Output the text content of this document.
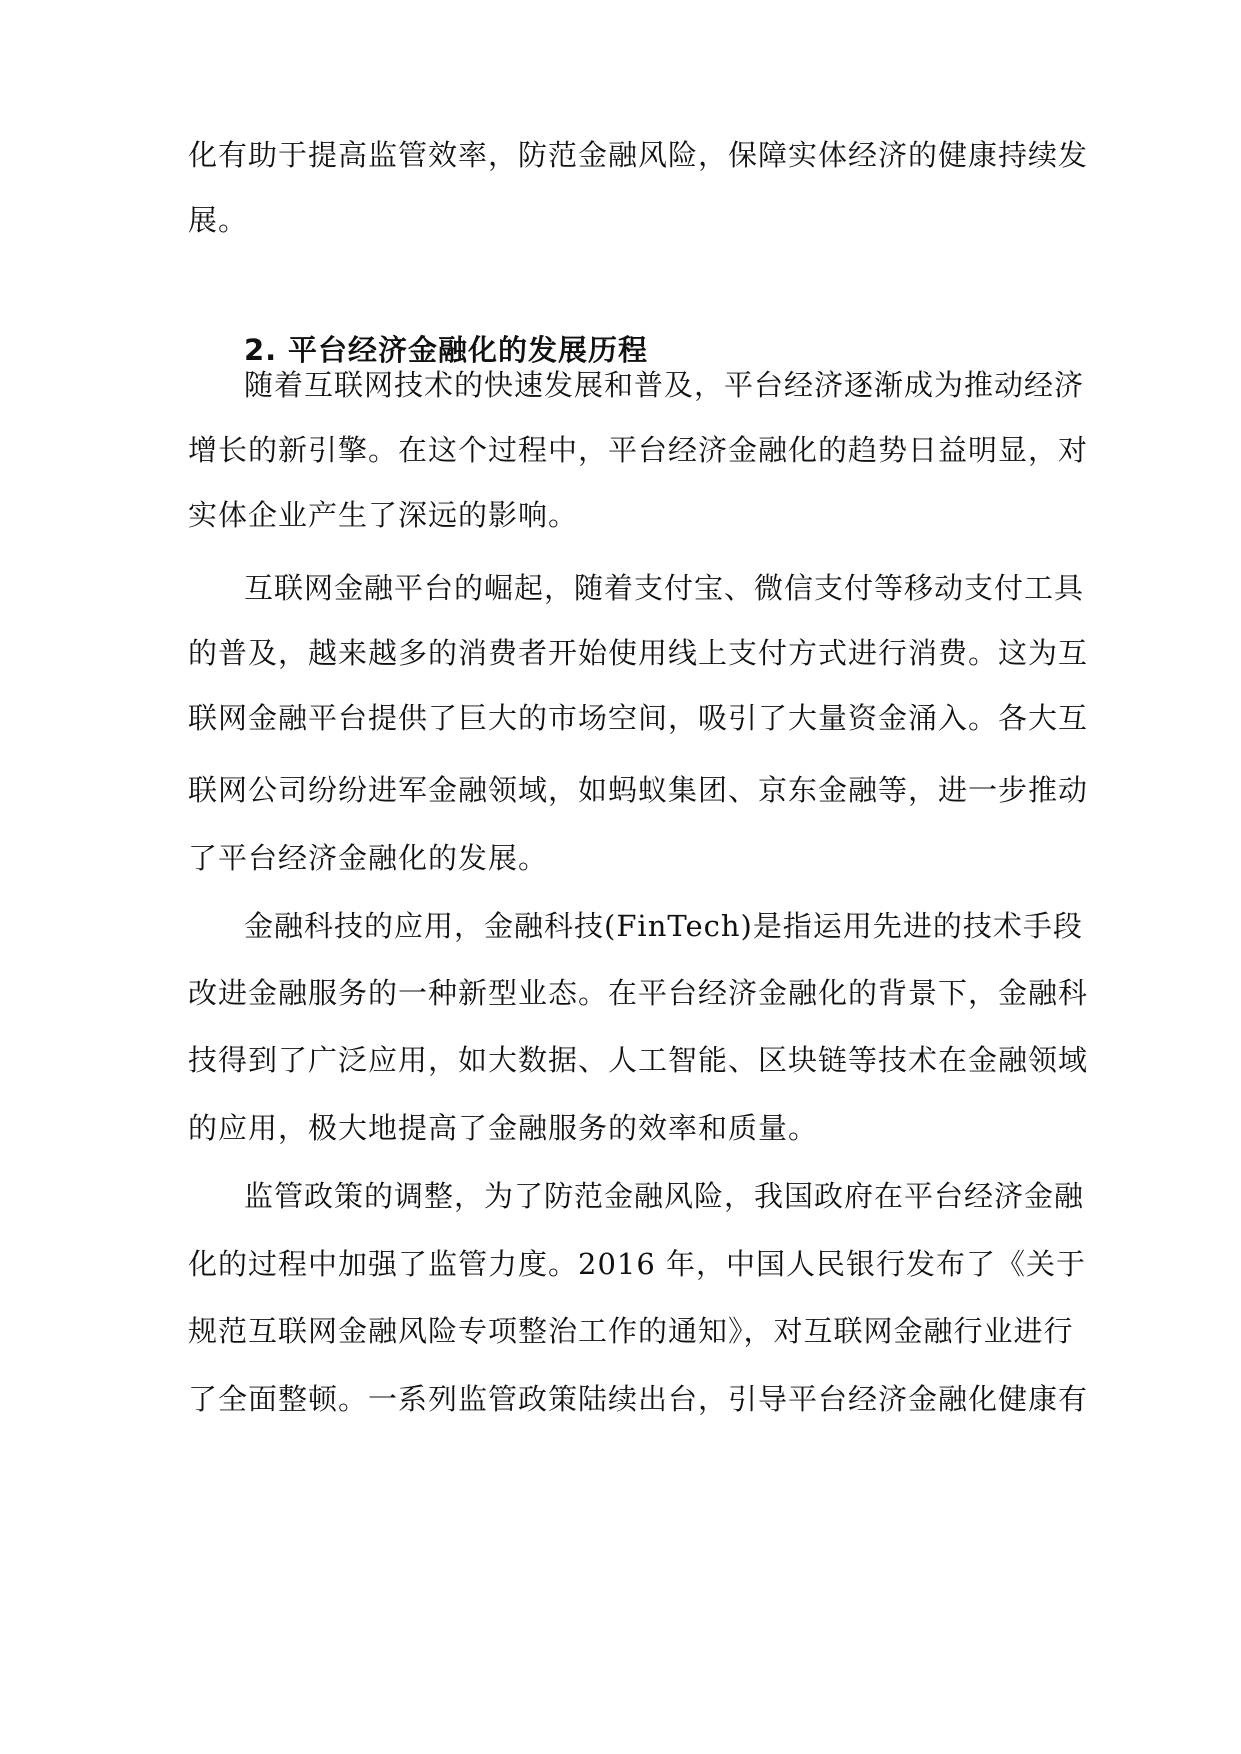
化有助于提高监管效率，防范金融风险，保障实体经济的健康持续发
展。
2. 平台经济金融化的发展历程
随着互联网技术的快速发展和普及，平台经济逐渐成为推动经济
增长的新引擎。在这个过程中，平台经济金融化的趋势日益明显，对
实体企业产生了深远的影响。
互联网金融平台的崛起，随着支付宝、微信支付等移动支付工具
的普及，越来越多的消费者开始使用线上支付方式进行消费。这为互
联网金融平台提供了巨大的市场空间，吸引了大量资金涌入。各大互
联网公司纷纷进军金融领域，如蚂蚁集团、京东金融等，进一步推动
了平台经济金融化的发展。
金融科技的应用，金融科技(FinTech)是指运用先进的技术手段
改进金融服务的一种新型业态。在平台经济金融化的背景下，金融科
技得到了广泛应用，如大数据、人工智能、区块链等技术在金融领域
的应用，极大地提高了金融服务的效率和质量。
监管政策的调整，为了防范金融风险，我国政府在平台经济金融
化的过程中加强了监管力度。2016 年，中国人民银行发布了《关于
规范互联网金融风险专项整治工作的通知》，对互联网金融行业进行
了全面整顿。一系列监管政策陆续出台，引导平台经济金融化健康有
